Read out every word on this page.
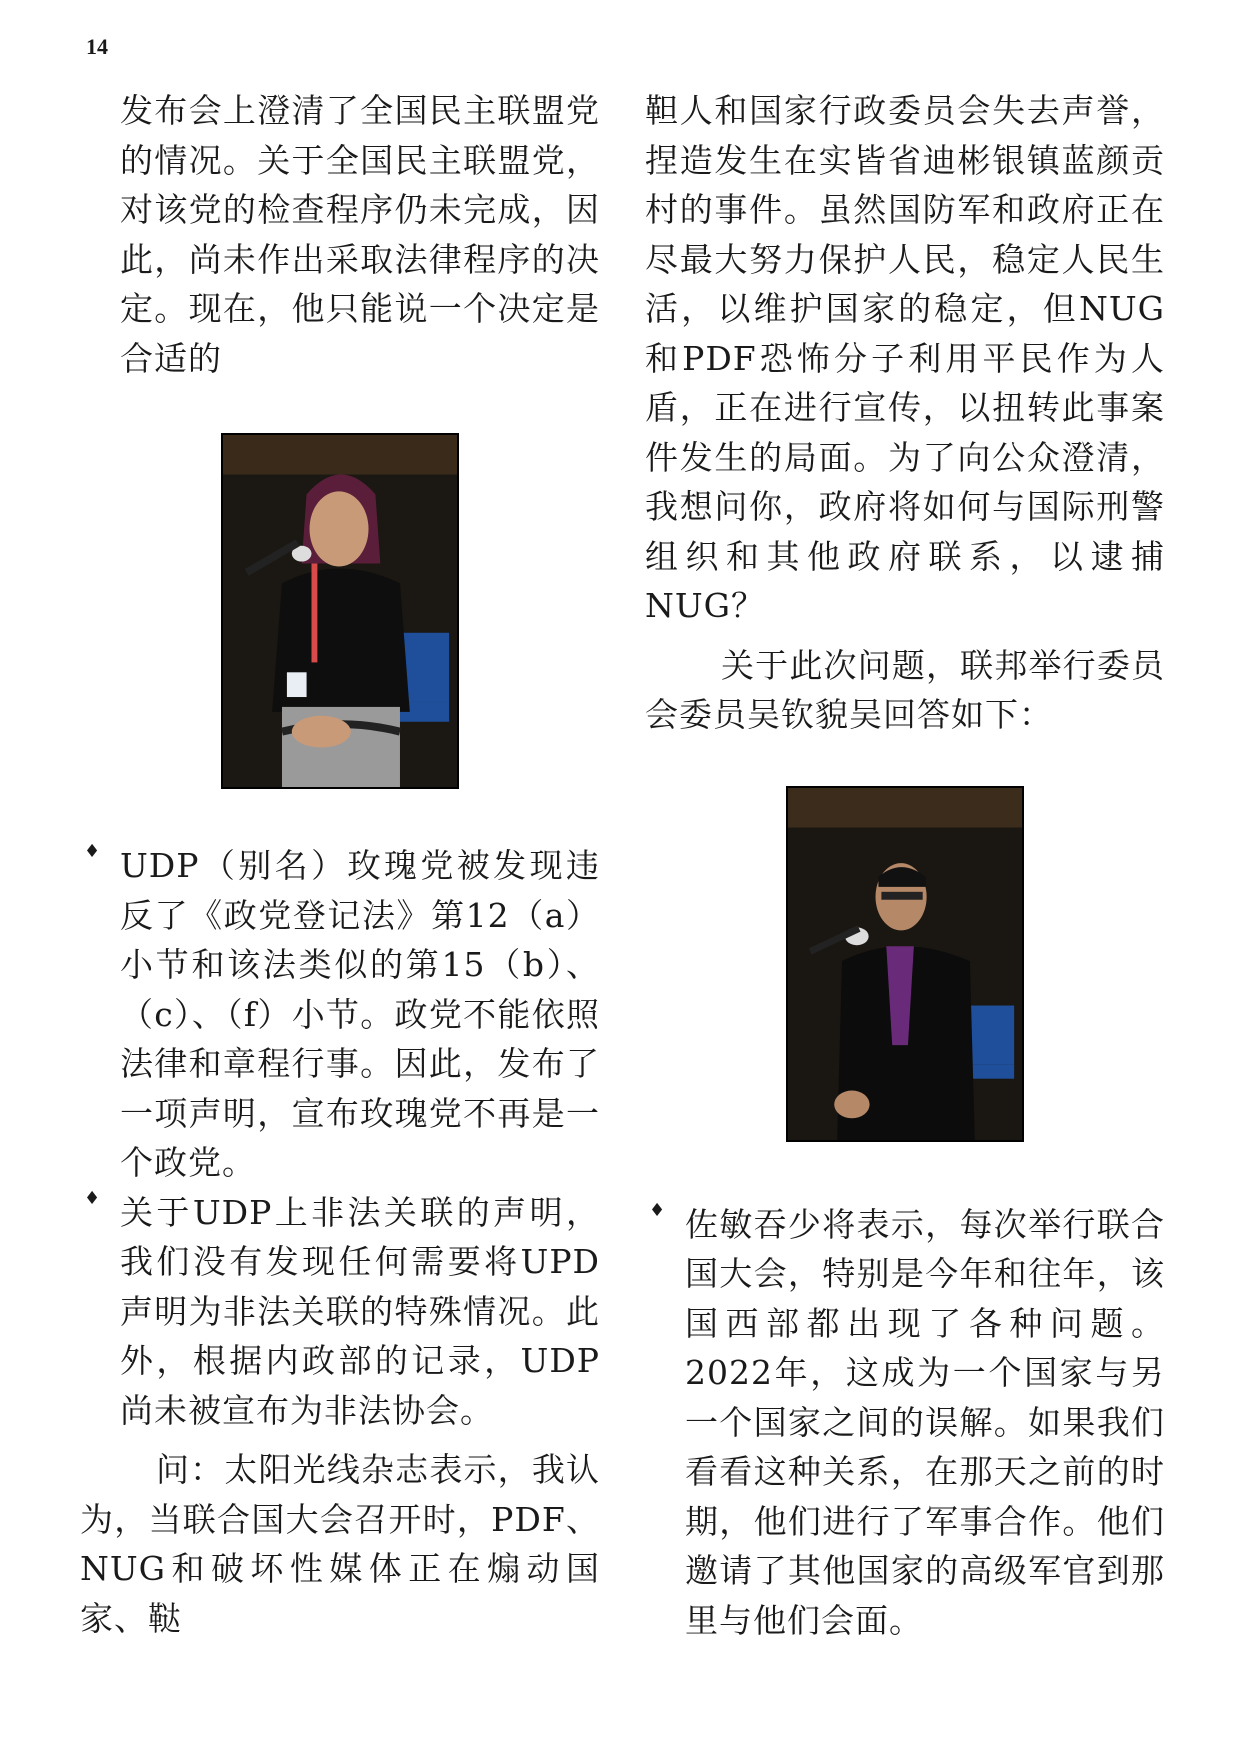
14

发布会上澄清了全国民主联盟党的情况。关于全国民主联盟党，对该党的检查程序仍未完成，因此，尚未作出采取法律程序的决定。现在，他只能说一个决定是合适的

♦ UDP（别名）玫瑰党被发现违反了《政党登记法》第12（a）小节和该法类似的第15（b）、（c）、（f）小节。政党不能依照法律和章程行事。因此，发布了一项声明，宣布玫瑰党不再是一个政党。

♦ 关于UDP上非法关联的声明，我们没有发现任何需要将UPD声明为非法关联的特殊情况。此外，根据内政部的记录，UDP尚未被宣布为非法协会。

问：太阳光线杂志表示，我认为，当联合国大会召开时，PDF、NUG和破坏性媒体正在煽动国家、鞑

靼人和国家行政委员会失去声誉，捏造发生在实皆省迪彬银镇蓝颜贡村的事件。虽然国防军和政府正在尽最大努力保护人民，稳定人民生活，以维护国家的稳定，但NUG和PDF恐怖分子利用平民作为人盾，正在进行宣传，以扭转此事案件发生的局面。为了向公众澄清，我想问你，政府将如何与国际刑警组织和其他政府联系，以逮捕NUG？

关于此次问题，联邦举行委员会委员吴钦貌吴回答如下：

♦ 佐敏吞少将表示，每次举行联合国大会，特别是今年和往年，该国西部都出现了各种问题。2022年，这成为一个国家与另一个国家之间的误解。如果我们看看这种关系，在那天之前的时期，他们进行了军事合作。他们邀请了其他国家的高级军官到那里与他们会面。
